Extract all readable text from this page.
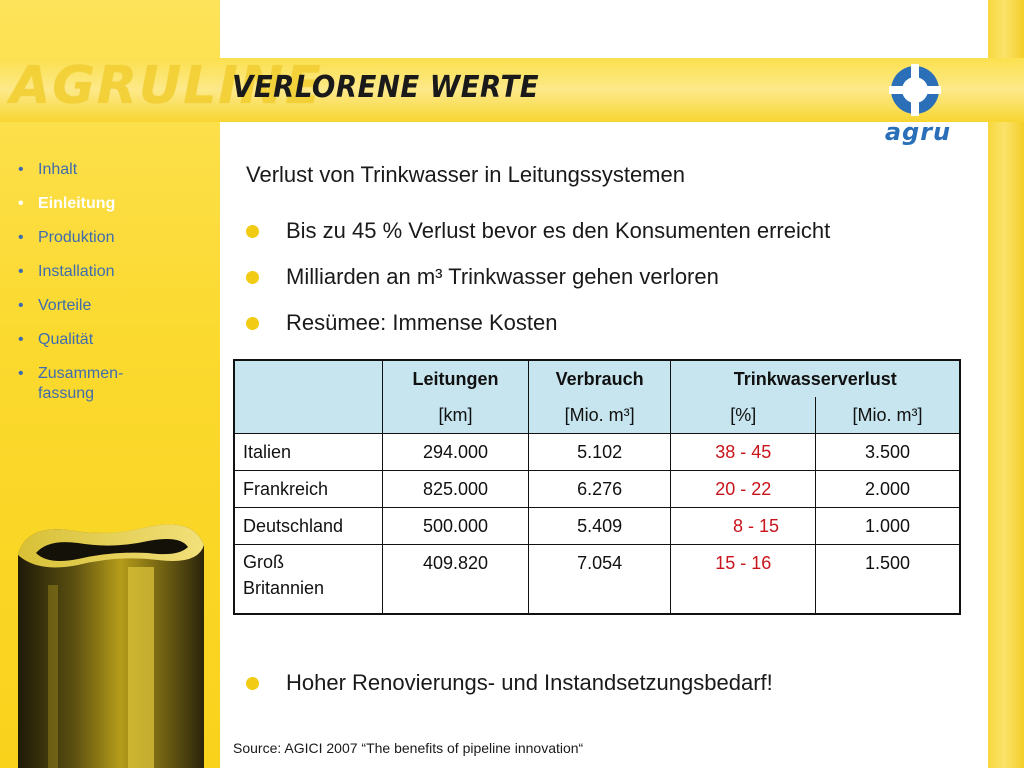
AGRULINE
VERLORENE WERTE
agru
• Inhalt
• Einleitung
• Produktion
• Installation
• Vorteile
• Qualität
• Zusammen-
fassung
Verlust von Trinkwasser in Leitungssystemen
Bis zu 45 % Verlust bevor es den Konsumenten erreicht
Milliarden an m³ Trinkwasser gehen verloren
Resümee: Immense Kosten
	Leitungen	Verbrauch	Trinkwasserverlust	
	[km]	[Mio. m³]	[%]	[Mio. m³]
Italien	294.000	5.102	38 - 45	3.500
Frankreich	825.000	6.276	20 - 22	2.000
Deutschland	500.000	5.409	8 - 15	1.000
Groß
Britannien	409.820	7.054	15 - 16	1.500
Hoher Renovierungs- und Instandsetzungsbedarf!
Source: AGICI 2007 “The benefits of pipeline innovation“
